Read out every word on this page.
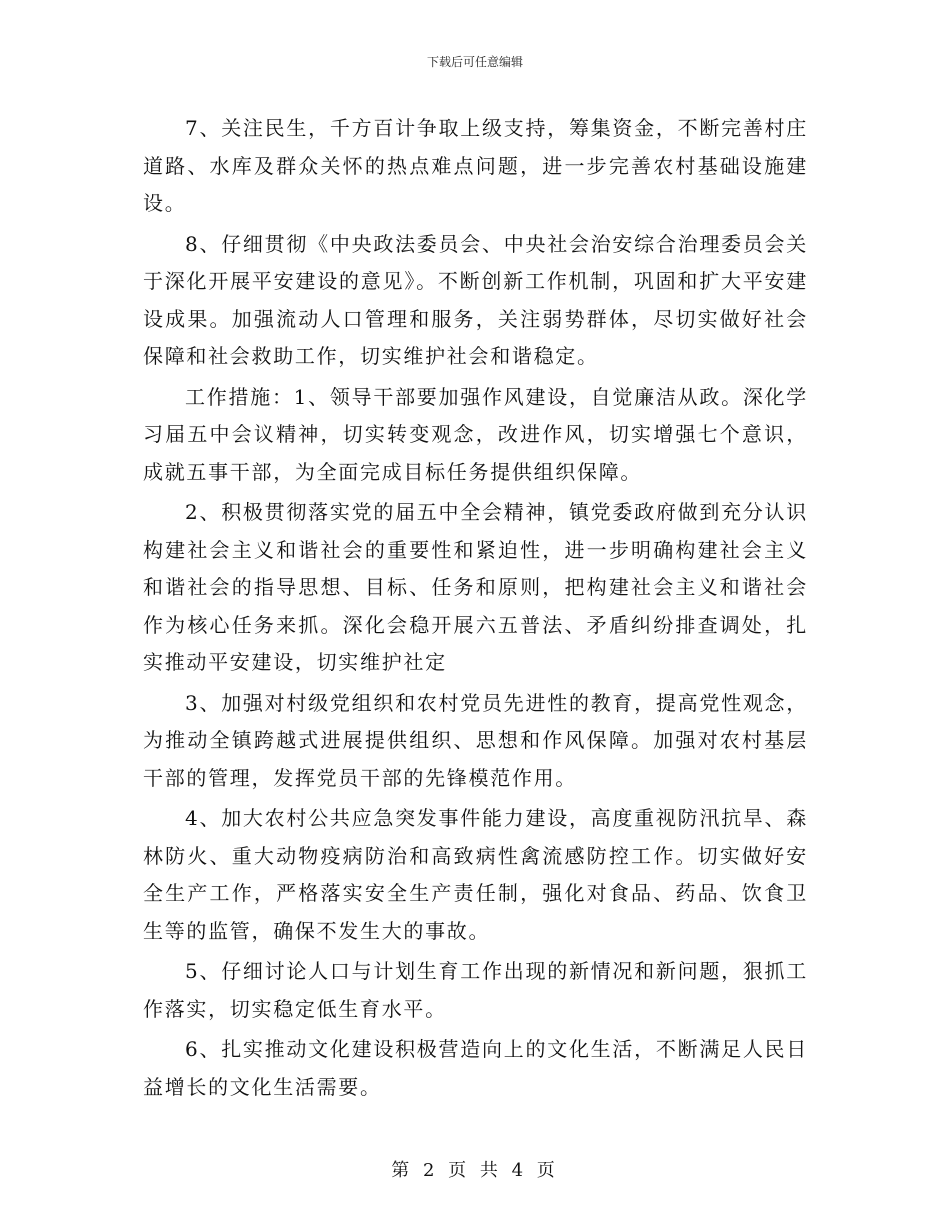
下载后可任意编辑

7、关注民生，千方百计争取上级支持，筹集资金，不断完善村庄道路、水库及群众关怀的热点难点问题，进一步完善农村基础设施建设。

8、仔细贯彻《中央政法委员会、中央社会治安综合治理委员会关于深化开展平安建设的意见》。不断创新工作机制，巩固和扩大平安建设成果。加强流动人口管理和服务，关注弱势群体，尽切实做好社会保障和社会救助工作，切实维护社会和谐稳定。

工作措施：1、领导干部要加强作风建设，自觉廉洁从政。深化学习届五中会议精神，切实转变观念，改进作风，切实增强七个意识，成就五事干部，为全面完成目标任务提供组织保障。

2、积极贯彻落实党的届五中全会精神，镇党委政府做到充分认识构建社会主义和谐社会的重要性和紧迫性，进一步明确构建社会主义和谐社会的指导思想、目标、任务和原则，把构建社会主义和谐社会作为核心任务来抓。深化会稳开展六五普法、矛盾纠纷排查调处，扎实推动平安建设，切实维护社定

3、加强对村级党组织和农村党员先进性的教育，提高党性观念，为推动全镇跨越式进展提供组织、思想和作风保障。加强对农村基层干部的管理，发挥党员干部的先锋模范作用。

4、加大农村公共应急突发事件能力建设，高度重视防汛抗旱、森林防火、重大动物疫病防治和高致病性禽流感防控工作。切实做好安全生产工作，严格落实安全生产责任制，强化对食品、药品、饮食卫生等的监管，确保不发生大的事故。

5、仔细讨论人口与计划生育工作出现的新情况和新问题，狠抓工作落实，切实稳定低生育水平。

6、扎实推动文化建设积极营造向上的文化生活，不断满足人民日益增长的文化生活需要。

第 2 页 共 4 页
